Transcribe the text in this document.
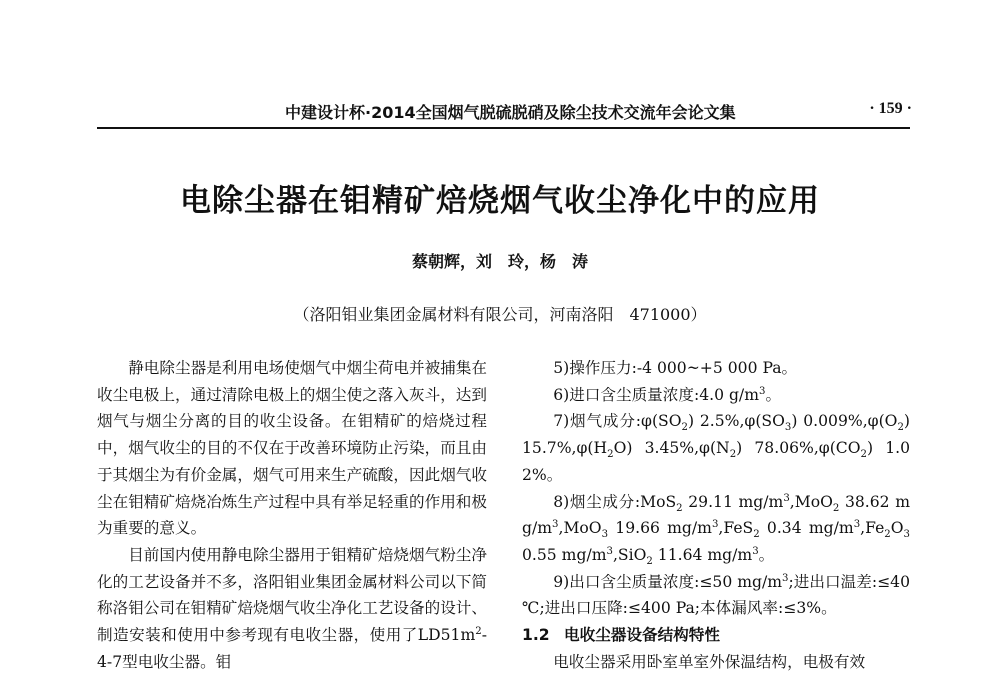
中建设计杯·2014全国烟气脱硫脱硝及除尘技术交流年会论文集	· 159 ·
电除尘器在钼精矿焙烧烟气收尘净化中的应用
蔡朝辉，刘　玲，杨　涛
（洛阳钼业集团金属材料有限公司，河南洛阳　471000）

静电除尘器是利用电场使烟气中烟尘荷电并被捕集在收尘电极上，通过清除电极上的烟尘使之落入灰斗，达到烟气与烟尘分离的目的收尘设备。在钼精矿的焙烧过程中，烟气收尘的目的不仅在于改善环境防止污染，而且由于其烟尘为有价金属，烟气可用来生产硫酸，因此烟气收尘在钼精矿焙烧冶炼生产过程中具有举足轻重的作用和极为重要的意义。

目前国内使用静电除尘器用于钼精矿焙烧烟气粉尘净化的工艺设备并不多，洛阳钼业集团金属材料公司以下简称洛钼公司在钼精矿焙烧烟气收尘净化工艺设备的设计、制造安装和使用中参考现有电收尘器，使用了$LD51m^2-4-7$型电收尘器。钼

5)操作压力:-4 000~+5 000 Pa。

6)进口含尘质量浓度:4.0 $g/m^3$。

7)烟气成分$:\varphi(SO_2)$ $2.5\%,\varphi(SO_3)$ $0.009\%,\varphi(O_2)$ $15.7\%,\varphi(H_2O)$ $3.45\%,\varphi(N_2)$ $78.06\%,\varphi(CO_2)$ 1.02%。

8)烟尘成分:MoS$_2$ 29.11 $mg/m^3,MoO_2$ 38.62 $mg/m^3,MoO_3$ 19.66 $mg/m^3,FeS_2$ 0.34 $mg/m^3,Fe_2O_3$ 0.55 $mg/m^3,SiO_2$ 11.64 $mg/m^3$。

9)出口含尘质量浓度:≤50 $mg/m^3$;进出口温差:≤40 ℃;进出口压降:≤400 Pa;本体漏风率:≤3%。

1.2 电收尘器设备结构特性

电收尘器采用卧室单室外保温结构，电极有效
